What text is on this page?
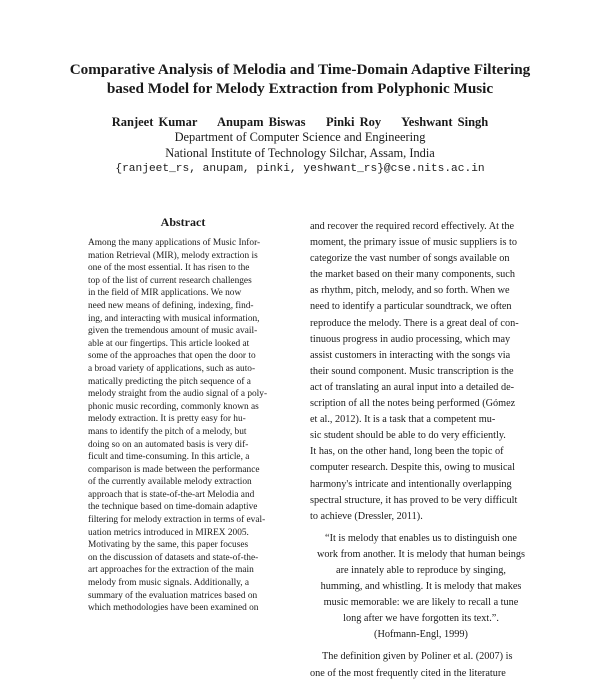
Comparative Analysis of Melodia and Time-Domain Adaptive Filtering
based Model for Melody Extraction from Polyphonic Music
Ranjeet Kumar    Anupam Biswas    Pinki Roy    Yeshwant Singh
Department of Computer Science and Engineering
National Institute of Technology Silchar, Assam, India
{ranjeet_rs, anupam, pinki, yeshwant_rs}@cse.nits.ac.in
Abstract
Among the many applications of Music Infor-
mation Retrieval (MIR), melody extraction is
one of the most essential. It has risen to the
top of the list of current research challenges
in the field of MIR applications. We now
need new means of defining, indexing, find-
ing, and interacting with musical information,
given the tremendous amount of music avail-
able at our fingertips. This article looked at
some of the approaches that open the door to
a broad variety of applications, such as auto-
matically predicting the pitch sequence of a
melody straight from the audio signal of a poly-
phonic music recording, commonly known as
melody extraction. It is pretty easy for hu-
mans to identify the pitch of a melody, but
doing so on an automated basis is very dif-
ficult and time-consuming. In this article, a
comparison is made between the performance
of the currently available melody extraction
approach that is state-of-the-art Melodia and
the technique based on time-domain adaptive
filtering for melody extraction in terms of eval-
uation metrics introduced in MIREX 2005.
Motivating by the same, this paper focuses
on the discussion of datasets and state-of-the-
art approaches for the extraction of the main
melody from music signals. Additionally, a
summary of the evaluation matrices based on
which methodologies have been examined on
and recover the required record effectively. At the
moment, the primary issue of music suppliers is to
categorize the vast number of songs available on
the market based on their many components, such
as rhythm, pitch, melody, and so forth. When we
need to identify a particular soundtrack, we often
reproduce the melody. There is a great deal of con-
tinuous progress in audio processing, which may
assist customers in interacting with the songs via
their sound component. Music transcription is the
act of translating an aural input into a detailed de-
scription of all the notes being performed (Gómez
et al., 2012). It is a task that a competent mu-
sic student should be able to do very efficiently.
It has, on the other hand, long been the topic of
computer research. Despite this, owing to musical
harmony's intricate and intentionally overlapping
spectral structure, it has proved to be very difficult
to achieve (Dressler, 2011).
“It is melody that enables us to distinguish one
work from another. It is melody that human beings
are innately able to reproduce by singing,
humming, and whistling. It is melody that makes
music memorable: we are likely to recall a tune
long after we have forgotten its text.”.
(Hofmann-Engl, 1999)
The definition given by Poliner et al. (2007) is
one of the most frequently cited in the literature
